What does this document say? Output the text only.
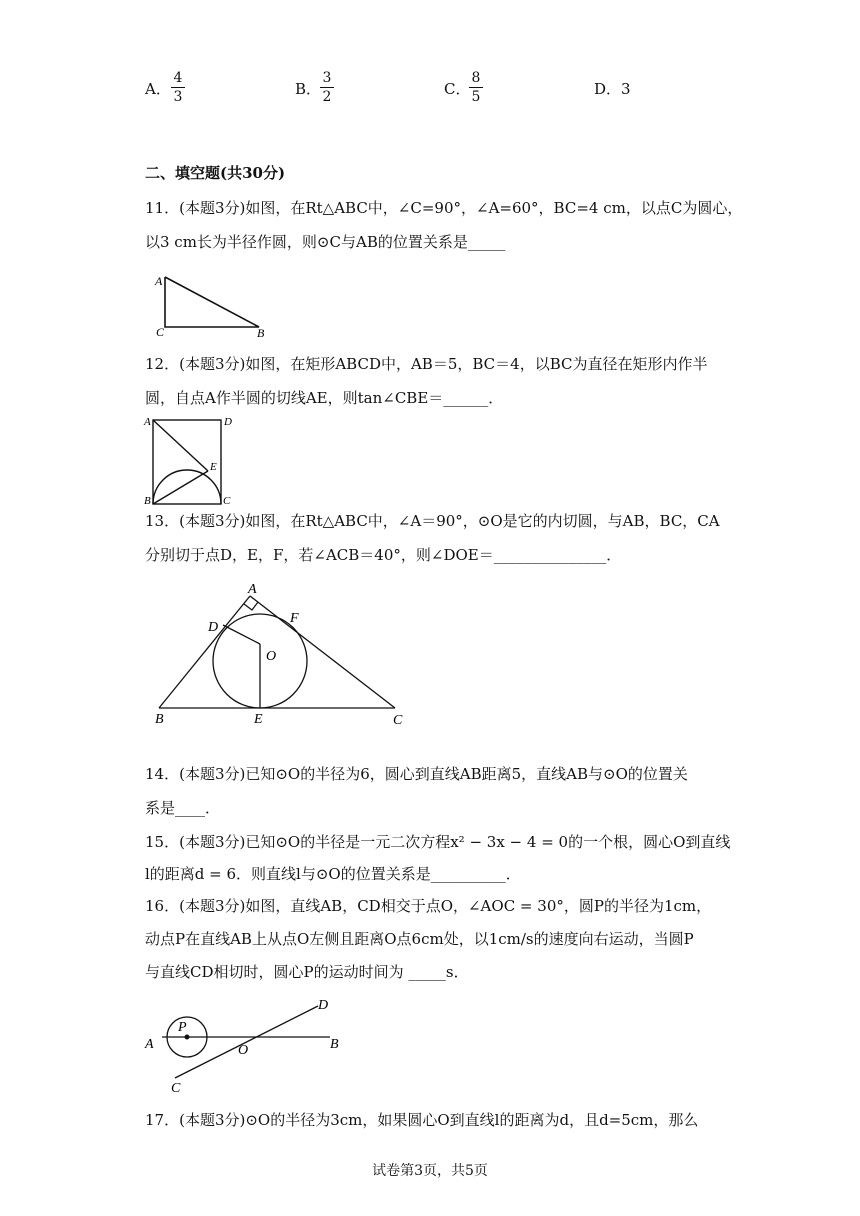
A．
4
3	B．
3
2	C．
8
5	D．3
二、填空题(共30分)
11．(本题3分)如图，在Rt△ABC中，∠C=90°，∠A=60°，BC=4 cm，以点C为圆心，
以3 cm长为半径作圆，则⊙C与AB的位置关系是_____
A
C	B
12．(本题3分)如图，在矩形ABCD中，AB＝5，BC＝4，以BC为直径在矩形内作半
圆，自点A作半圆的切线AE，则tan∠CBE＝______．
A	D
E
B	C
13．(本题3分)如图，在Rt△ABC中，∠A＝90°，⊙O是它的内切圆，与AB，BC，CA
分别切于点D，E，F，若∠ACB＝40°，则∠DOE＝_______________．
A
D
F
O
B	E	C
14．(本题3分)已知⊙O的半径为6，圆心到直线AB距离5，直线AB与⊙O的位置关
系是____．
15．(本题3分)已知⊙O的半径是一元二次方程x² − 3x − 4 = 0的一个根，圆心O到直线
l的距离d = 6．则直线l与⊙O的位置关系是__________．
16．(本题3分)如图，直线AB，CD相交于点O，∠AOC = 30°，圆P的半径为1cm，
动点P在直线AB上从点O左侧且距离O点6cm处，以1cm/s的速度向右运动，当圆P
与直线CD相切时，圆心P的运动时间为 _____s．
P
A	O	B
D
C
17．(本题3分)⊙O的半径为3cm，如果圆心O到直线l的距离为d，且d=5cm，那么
试卷第3页，共5页
